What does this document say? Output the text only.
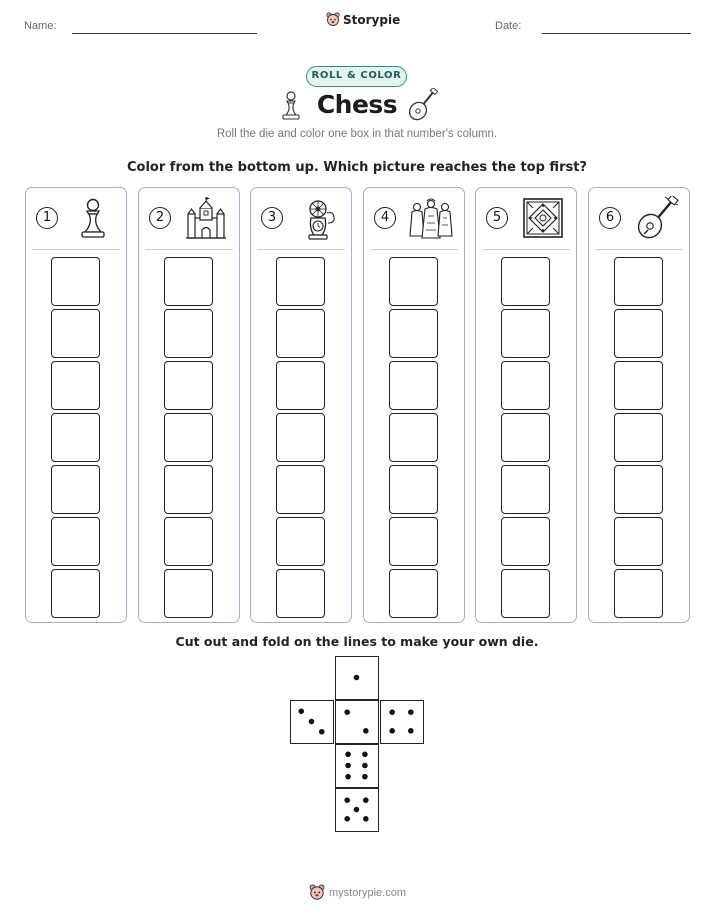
Name:	Storypie	Date:
ROLL & COLOR
Chess
Roll the die and color one box in that number's column.
Color from the bottom up. Which picture reaches the top first?
1	2	3	4	5	6
Cut out and fold on the lines to make your own die.
mystorypie.com
